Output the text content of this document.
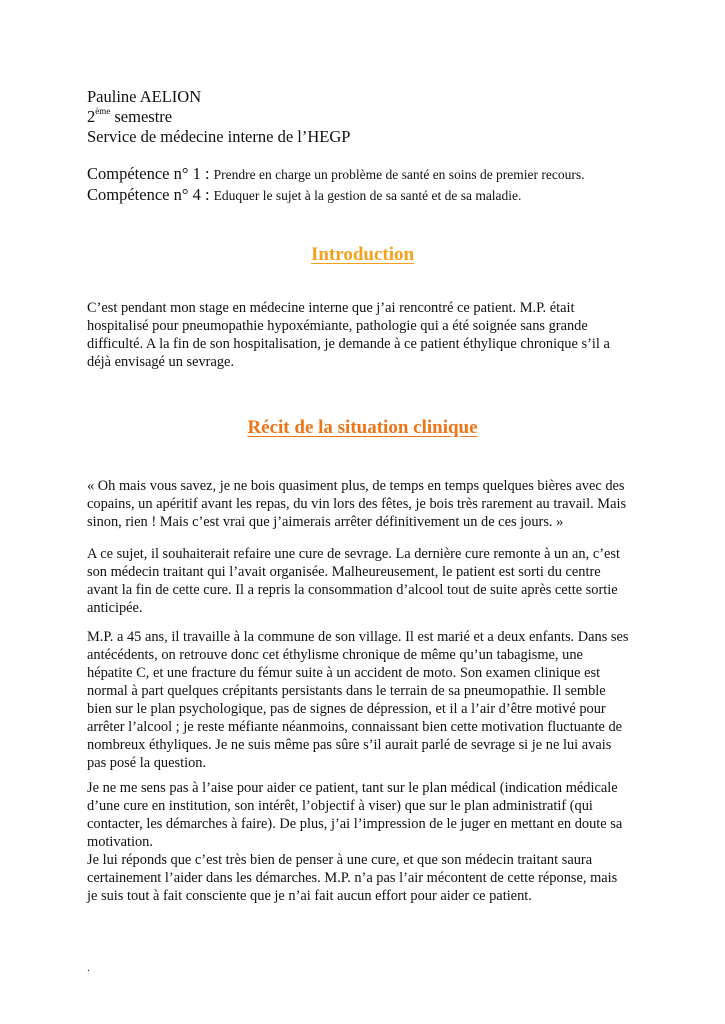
Pauline AELION
2ème semestre
Service de médecine interne de l’HEGP
Compétence n° 1 : Prendre en charge un problème de santé en soins de premier recours.
Compétence n° 4 : Eduquer le sujet à la gestion de sa santé et de sa maladie.
Introduction
C’est pendant mon stage en médecine interne que j’ai rencontré ce patient. M.P. était
hospitalisé pour pneumopathie hypoxémiante, pathologie qui a été soignée sans grande
difficulté. A la fin de son hospitalisation, je demande à ce patient éthylique chronique s’il a
déjà envisagé un sevrage.
Récit de la situation clinique
« Oh mais vous savez, je ne bois quasiment plus, de temps en temps quelques bières avec des
copains, un apéritif avant les repas, du vin lors des fêtes, je bois très rarement au travail. Mais
sinon, rien ! Mais c’est vrai que j’aimerais arrêter définitivement un de ces jours. »
A ce sujet, il souhaiterait refaire une cure de sevrage. La dernière cure remonte à un an, c’est
son médecin traitant qui l’avait organisée. Malheureusement, le patient est sorti du centre
avant la fin de cette cure. Il a repris la consommation d’alcool tout de suite après cette sortie
anticipée.
M.P. a 45 ans, il travaille à la commune de son village. Il est marié et a deux enfants. Dans ses
antécédents, on retrouve donc cet éthylisme chronique de même qu’un tabagisme, une
hépatite C, et une fracture du fémur suite à un accident de moto. Son examen clinique est
normal à part quelques crépitants persistants dans le terrain de sa pneumopathie. Il semble
bien sur le plan psychologique, pas de signes de dépression, et il a l’air d’être motivé pour
arrêter l’alcool ; je reste méfiante néanmoins, connaissant bien cette motivation fluctuante de
nombreux éthyliques. Je ne suis même pas sûre s’il aurait parlé de sevrage si je ne lui avais
pas posé la question.
Je ne me sens pas à l’aise pour aider ce patient, tant sur le plan médical (indication médicale
d’une cure en institution, son intérêt, l’objectif à viser) que sur le plan administratif (qui
contacter, les démarches à faire). De plus, j’ai l’impression de le juger en mettant en doute sa
motivation.
Je lui réponds que c’est très bien de penser à une cure, et que son médecin traitant saura
certainement l’aider dans les démarches. M.P. n’a pas l’air mécontent de cette réponse, mais
je suis tout à fait consciente que je n’ai fait aucun effort pour aider ce patient.
.
